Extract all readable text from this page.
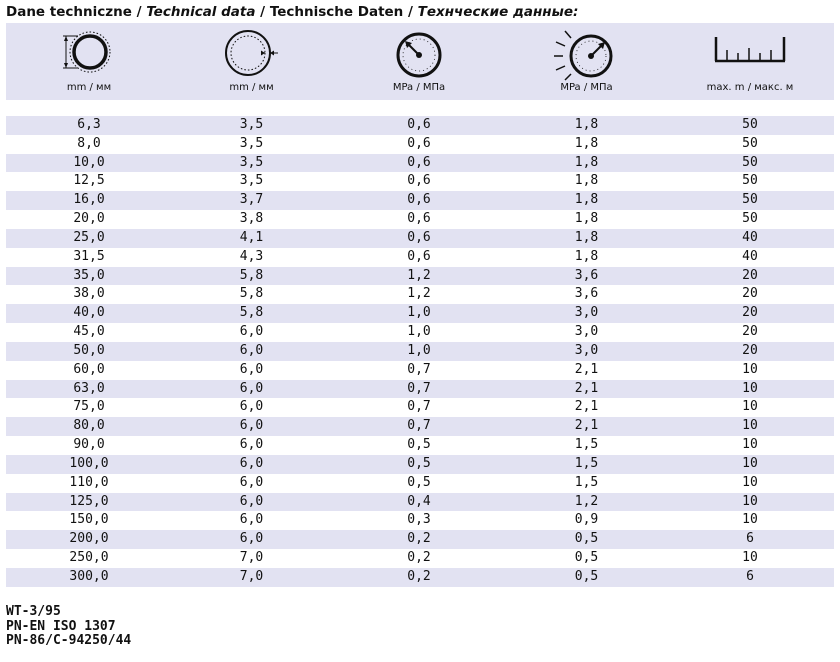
Dane techniczne / Technical data / Technische Daten / Технческие данные:
mm / мм	mm / мм	MPa / МПа	MPa / МПа	max. m / макс. м
6,3	3,5	0,6	1,8	50
8,0	3,5	0,6	1,8	50
10,0	3,5	0,6	1,8	50
12,5	3,5	0,6	1,8	50
16,0	3,7	0,6	1,8	50
20,0	3,8	0,6	1,8	50
25,0	4,1	0,6	1,8	40
31,5	4,3	0,6	1,8	40
35,0	5,8	1,2	3,6	20
38,0	5,8	1,2	3,6	20
40,0	5,8	1,0	3,0	20
45,0	6,0	1,0	3,0	20
50,0	6,0	1,0	3,0	20
60,0	6,0	0,7	2,1	10
63,0	6,0	0,7	2,1	10
75,0	6,0	0,7	2,1	10
80,0	6,0	0,7	2,1	10
90,0	6,0	0,5	1,5	10
100,0	6,0	0,5	1,5	10
110,0	6,0	0,5	1,5	10
125,0	6,0	0,4	1,2	10
150,0	6,0	0,3	0,9	10
200,0	6,0	0,2	0,5	6
250,0	7,0	0,2	0,5	10
300,0	7,0	0,2	0,5	6
WT-3/95
PN-EN ISO 1307
PN-86/C-94250/44
